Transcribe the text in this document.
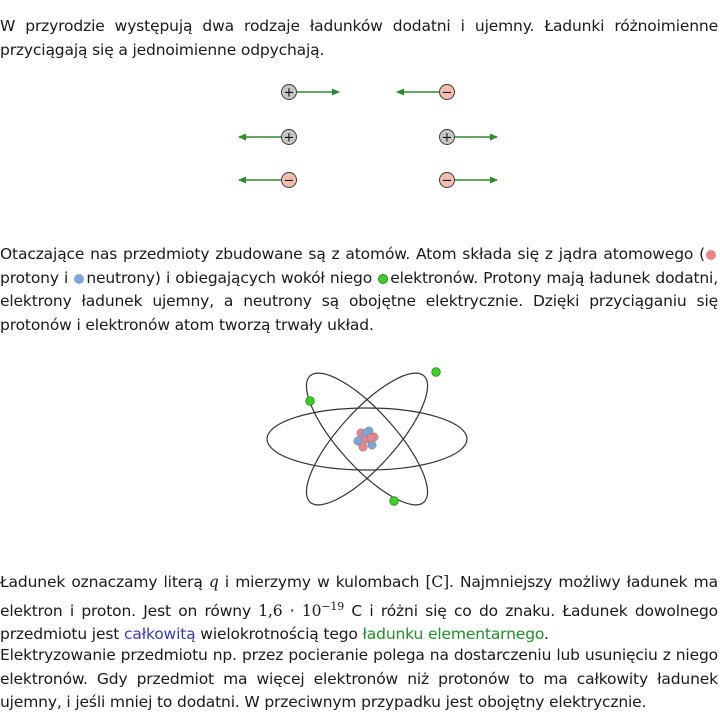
W przyrodzie występują dwa rodzaje ładunków dodatni i ujemny. Ładunki różnoimienne przyciągają się a jednoimienne odpychają.

+	−
+	+
−	−

Otaczające nas przedmioty zbudowane są z atomów. Atom składa się z jądra atomowego (protony i neutrony) i obiegających wokół niego elektronów. Protony mają ładunek dodatni, elektrony ładunek ujemny, a neutrony są obojętne elektrycznie. Dzięki przyciąganiu się protonów i elektronów atom tworzą trwały układ.

Ładunek oznaczamy literą q i mierzymy w kulombach [C]. Najmniejszy możliwy ładunek ma elektron i proton. Jest on równy $1,6 \cdot 10^{-19}$ C i różni się co do znaku. Ładunek dowolnego przedmiotu jest całkowitą wielokrotnością tego ładunku elementarnego.

Elektryzowanie przedmiotu np. przez pocieranie polega na dostarczeniu lub usunięciu z niego elektronów. Gdy przedmiot ma więcej elektronów niż protonów to ma całkowity ładunek ujemny, i jeśli mniej to dodatni. W przeciwnym przypadku jest obojętny elektrycznie.
